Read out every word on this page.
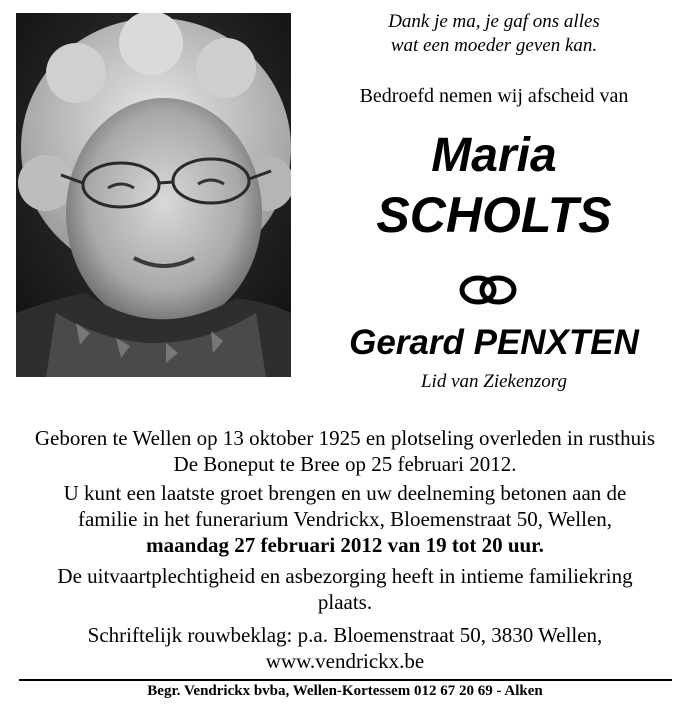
Dank je ma, je gaf ons alles
wat een moeder geven kan.
Bedroefd nemen wij afscheid van
Maria
SCHOLTS
Gerard PENXTEN
Lid van Ziekenzorg
Geboren te Wellen op 13 oktober 1925 en plotseling overleden in rusthuis
De Boneput te Bree op 25 februari 2012.
U kunt een laatste groet brengen en uw deelneming betonen aan de
familie in het funerarium Vendrickx, Bloemenstraat 50, Wellen,
maandag 27 februari 2012 van 19 tot 20 uur.
De uitvaartplechtigheid en asbezorging heeft in intieme familiekring
plaats.
Schriftelijk rouwbeklag: p.a. Bloemenstraat 50, 3830 Wellen,
www.vendrickx.be
Begr. Vendrickx bvba, Wellen-Kortessem 012 67 20 69 - Alken
